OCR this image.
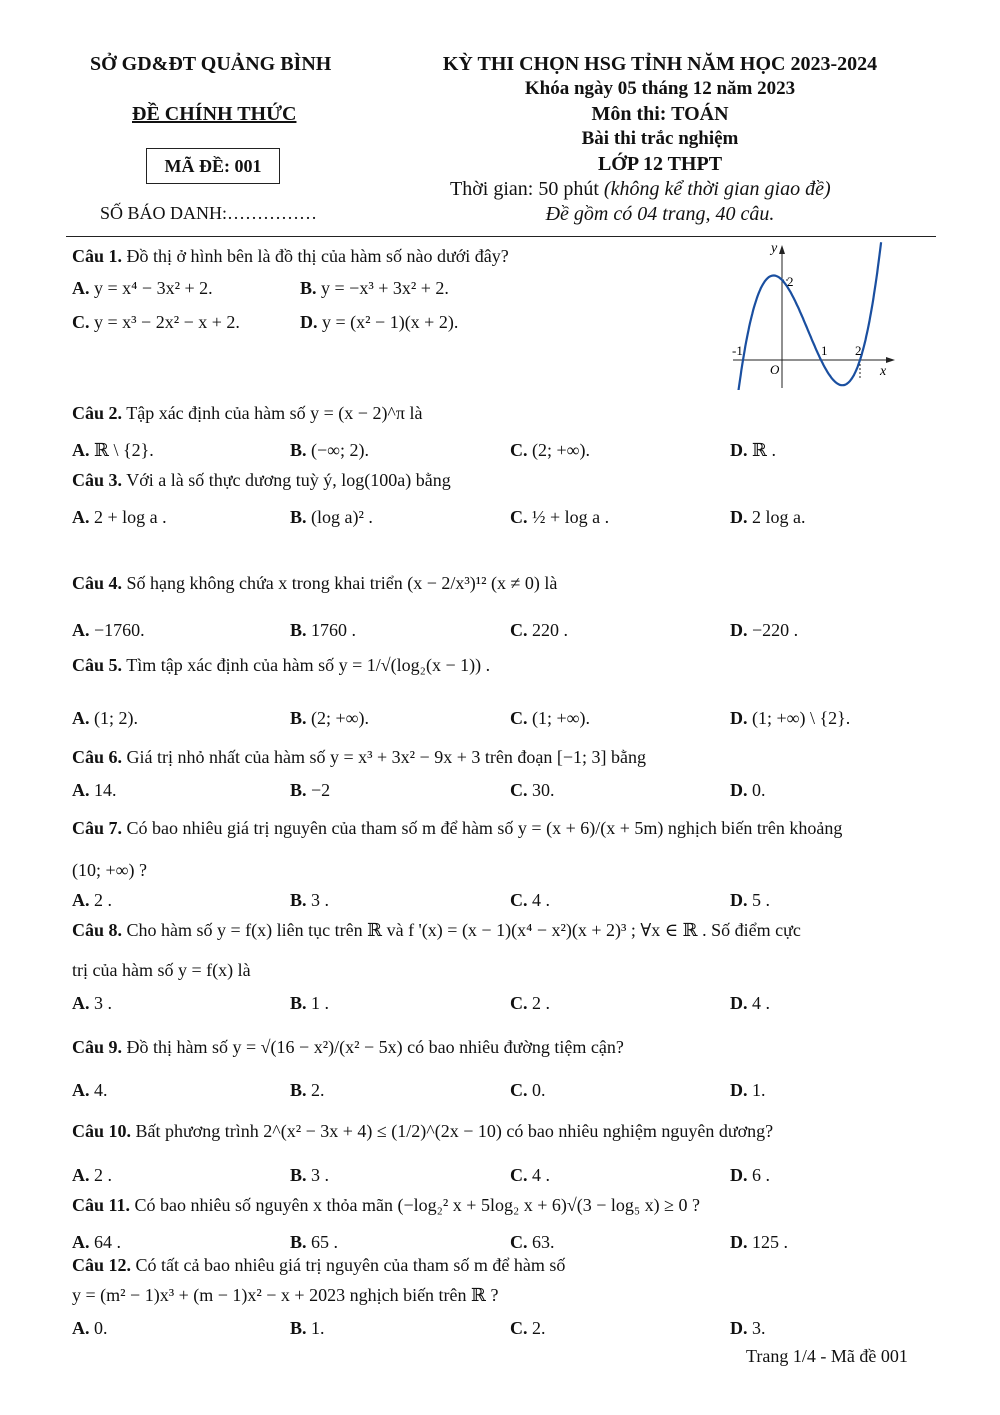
SỞ GD&ĐT QUẢNG BÌNH
ĐỀ CHÍNH THỨC
MÃ ĐỀ: 001
SỐ BÁO DANH:……………
KỲ THI CHỌN HSG TỈNH NĂM HỌC 2023-2024
Khóa ngày 05 tháng 12 năm 2023
Môn thi: TOÁN
Bài thi trắc nghiệm
LỚP 12 THPT
Thời gian: 50 phút (không kể thời gian giao đề)
Đề gồm có 04 trang, 40 câu.
y
x
O
-1	1 2
2
Câu 1. Đồ thị ở hình bên là đồ thị của hàm số nào dưới đây?
A. y = x⁴ − 3x² + 2.	B. y = −x³ + 3x² + 2.
C. y = x³ − 2x² − x + 2.	D. y = (x² − 1)(x + 2).
Câu 2. Tập xác định của hàm số y = (x − 2)^π là
A. ℝ \ {2}.	B. (−∞; 2).	C. (2; +∞).	D. ℝ .
Câu 3. Với a là số thực dương tuỳ ý, log(100a) bằng
A. 2 + log a .	B. (log a)² .	C. ½ + log a .	D. 2 log a.
Câu 4. Số hạng không chứa x trong khai triển (x − 2/x³)¹² (x ≠ 0) là
A. −1760.	B. 1760 .	C. 220 .	D. −220 .
Câu 5. Tìm tập xác định của hàm số y = 1/√(log₂(x − 1)) .
A. (1; 2).	B. (2; +∞).	C. (1; +∞).	D. (1; +∞) \ {2}.
Câu 6. Giá trị nhỏ nhất của hàm số y = x³ + 3x² − 9x + 3 trên đoạn [−1; 3] bằng
A. 14.	B. −2	C. 30.	D. 0.
Câu 7. Có bao nhiêu giá trị nguyên của tham số m để hàm số y = (x + 6)/(x + 5m) nghịch biến trên khoảng
(10; +∞) ?
A. 2 .	B. 3 .	C. 4 .	D. 5 .
Câu 8. Cho hàm số y = f(x) liên tục trên ℝ và f '(x) = (x − 1)(x⁴ − x²)(x + 2)³ ; ∀x ∈ ℝ . Số điểm cực
trị của hàm số y = f(x) là
A. 3 .	B. 1 .	C. 2 .	D. 4 .
Câu 9. Đồ thị hàm số y = √(16 − x²)/(x² − 5x) có bao nhiêu đường tiệm cận?
A. 4.	B. 2.	C. 0.	D. 1.
Câu 10. Bất phương trình 2^(x² − 3x + 4) ≤ (1/2)^(2x − 10) có bao nhiêu nghiệm nguyên dương?
A. 2 .	B. 3 .	C. 4 .	D. 6 .
Câu 11. Có bao nhiêu số nguyên x thỏa mãn (−log₂² x + 5log₂ x + 6)√(3 − log₅ x) ≥ 0 ?
A. 64 .	B. 65 .	C. 63.	D. 125 .
Câu 12. Có tất cả bao nhiêu giá trị nguyên của tham số m để hàm số
y = (m² − 1)x³ + (m − 1)x² − x + 2023 nghịch biến trên ℝ ?
A. 0.	B. 1.	C. 2.	D. 3.
Trang 1/4 - Mã đề 001
